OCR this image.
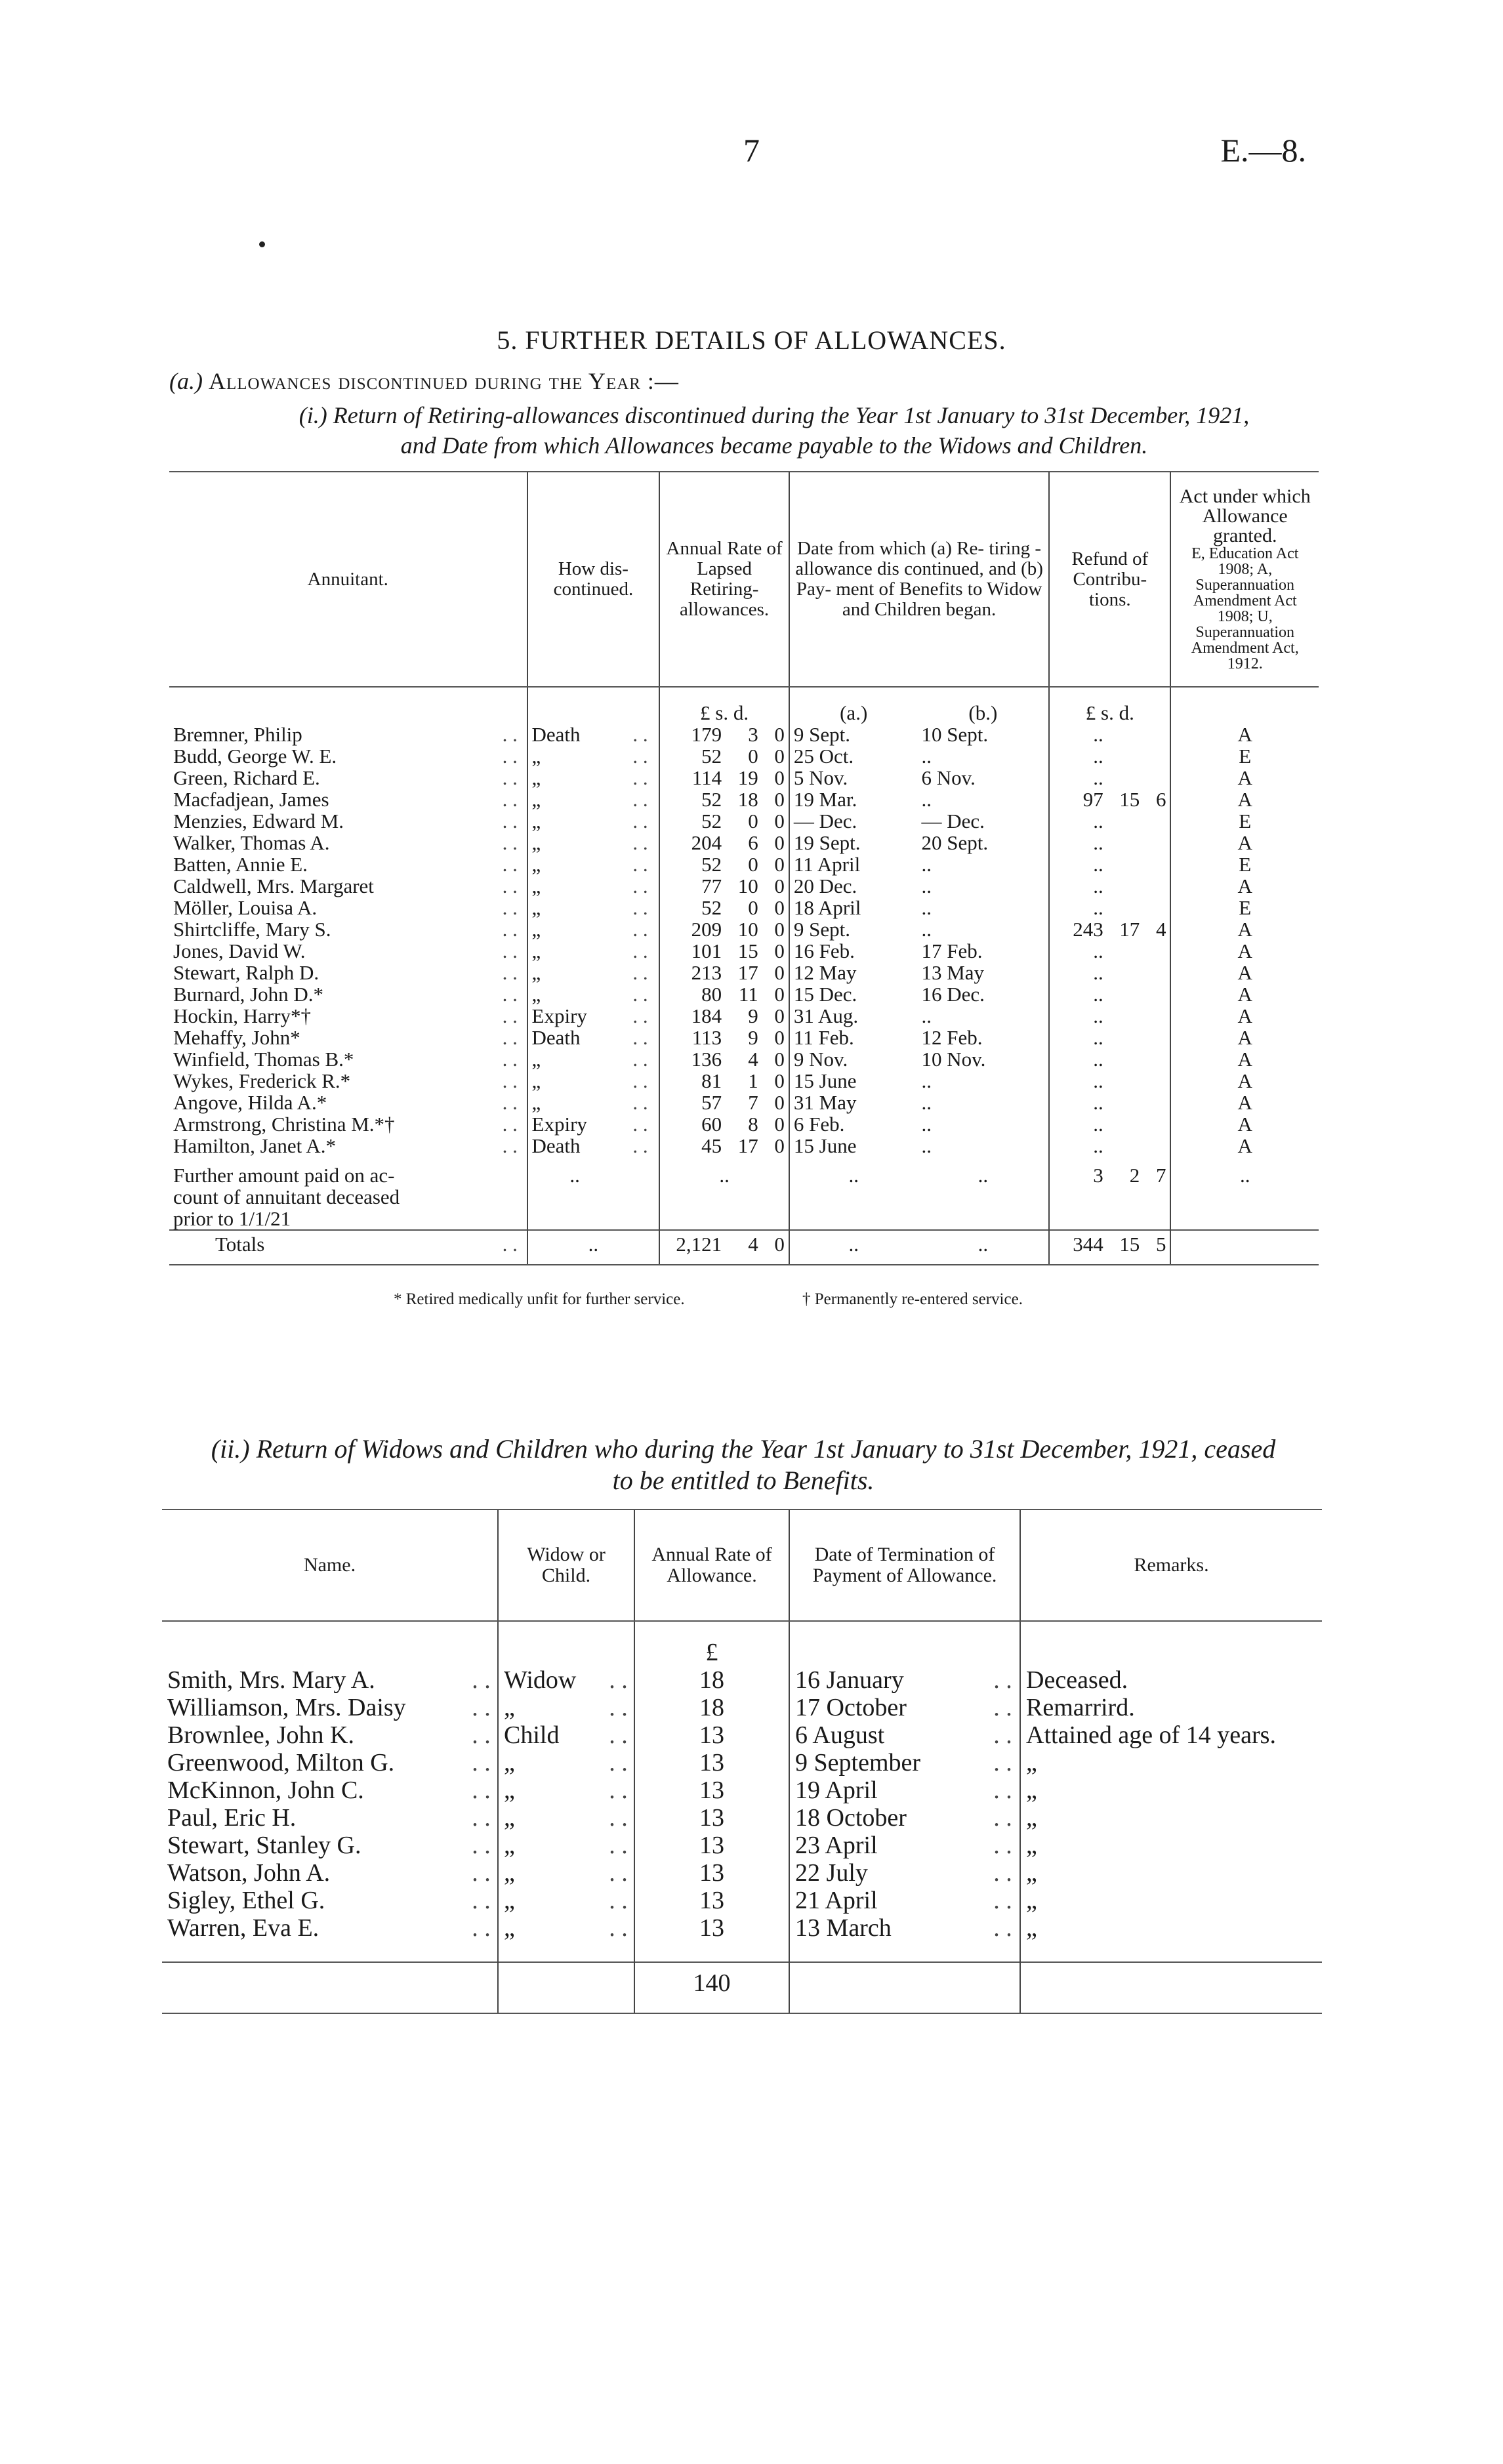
7	E.—8.
5. FURTHER DETAILS OF ALLOWANCES.
(a.) Allowances discontinued during the Year :—
(i.) Return of Retiring-allowances discontinued during the Year 1st January to 31st December, 1921,
and Date from which Allowances became payable to the Widows and Children.
Annuitant.		How dis- continued.		Annual Rate of Lapsed Retiring- allowances.			Date from which (a) Re- tiring - allowance dis continued, and (b) Pay- ment of Benefits to Widow and Children began.		Refund of Contribu- tions.			Act under which Allowance granted.
E, Education Act 1908; A, Superannuation Amendment Act 1908; U, Superannuation Amendment Act, 1912.

				£ s. d.			(a.)	(b.)	£ s. d.			
Bremner, Philip	. .	Death	. .	179	3	0	9 Sept.	10 Sept.	..			A
Budd, George W. E.	. .	„	. .	52	0	0	25 Oct.	..	..			E
Green, Richard E.	. .	„	. .	114	19	0	5 Nov.	6 Nov.	..			A
Macfadjean, James	. .	„	. .	52	18	0	19 Mar.	..	97	15	6	A
Menzies, Edward M.	. .	„	. .	52	0	0	— Dec.	— Dec.	..			E
Walker, Thomas A.	. .	„	. .	204	6	0	19 Sept.	20 Sept.	..			A
Batten, Annie E.	. .	„	. .	52	0	0	11 April	..	..			E
Caldwell, Mrs. Margaret	. .	„	. .	77	10	0	20 Dec.	..	..			A
Möller, Louisa A.	. .	„	. .	52	0	0	18 April	..	..			E
Shirtcliffe, Mary S.	. .	„	. .	209	10	0	9 Sept.	..	243	17	4	A
Jones, David W.	. .	„	. .	101	15	0	16 Feb.	17 Feb.	..			A
Stewart, Ralph D.	. .	„	. .	213	17	0	12 May	13 May	..			A
Burnard, John D.*	. .	„	. .	80	11	0	15 Dec.	16 Dec.	..			A
Hockin, Harry*†	. .	Expiry	. .	184	9	0	31 Aug.	..	..			A
Mehaffy, John*	. .	Death	. .	113	9	0	11 Feb.	12 Feb.	..			A
Winfield, Thomas B.*	. .	„	. .	136	4	0	9 Nov.	10 Nov.	..			A
Wykes, Frederick R.*	. .	„	. .	81	1	0	15 June	..	..			A
Angove, Hilda A.*	. .	„	. .	57	7	0	31 May	..	..			A
Armstrong, Christina M.*†	. .	Expiry	. .	60	8	0	6 Feb.	..	..			A
Hamilton, Janet A.*	. .	Death	. .	45	17	0	15 June	..	..			A

Further amount paid on ac-
count of annuitant deceased
prior to 1/1/21		..		..			..	..	3	2	7	..
Totals	. .	..		2,121	4	0	..	..	344	15	5	
* Retired medically unfit for further service.	† Permanently re-entered service.
(ii.) Return of Widows and Children who during the Year 1st January to 31st December, 1921, ceased
to be entitled to Benefits.
Name.		Widow or Child.		Annual Rate of Allowance.	Date of Termination of Payment of Allowance.		Remarks.
				£			
Smith, Mrs. Mary A.	. .	Widow	. .	18	16 January	. .	Deceased.
Williamson, Mrs. Daisy	. .	„	. .	18	17 October	. .	Remarrird.
Brownlee, John K.	. .	Child	. .	13	6 August	. .	Attained age of 14 years.
Greenwood, Milton G.	. .	„	. .	13	9 September	. .	„
McKinnon, John C.	. .	„	. .	13	19 April	. .	„
Paul, Eric H.	. .	„	. .	13	18 October	. .	„
Stewart, Stanley G.	. .	„	. .	13	23 April	. .	„
Watson, John A.	. .	„	. .	13	22 July	. .	„
Sigley, Ethel G.	. .	„	. .	13	21 April	. .	„
Warren, Eva E.	. .	„	. .	13	13 March	. .	„
				140			
